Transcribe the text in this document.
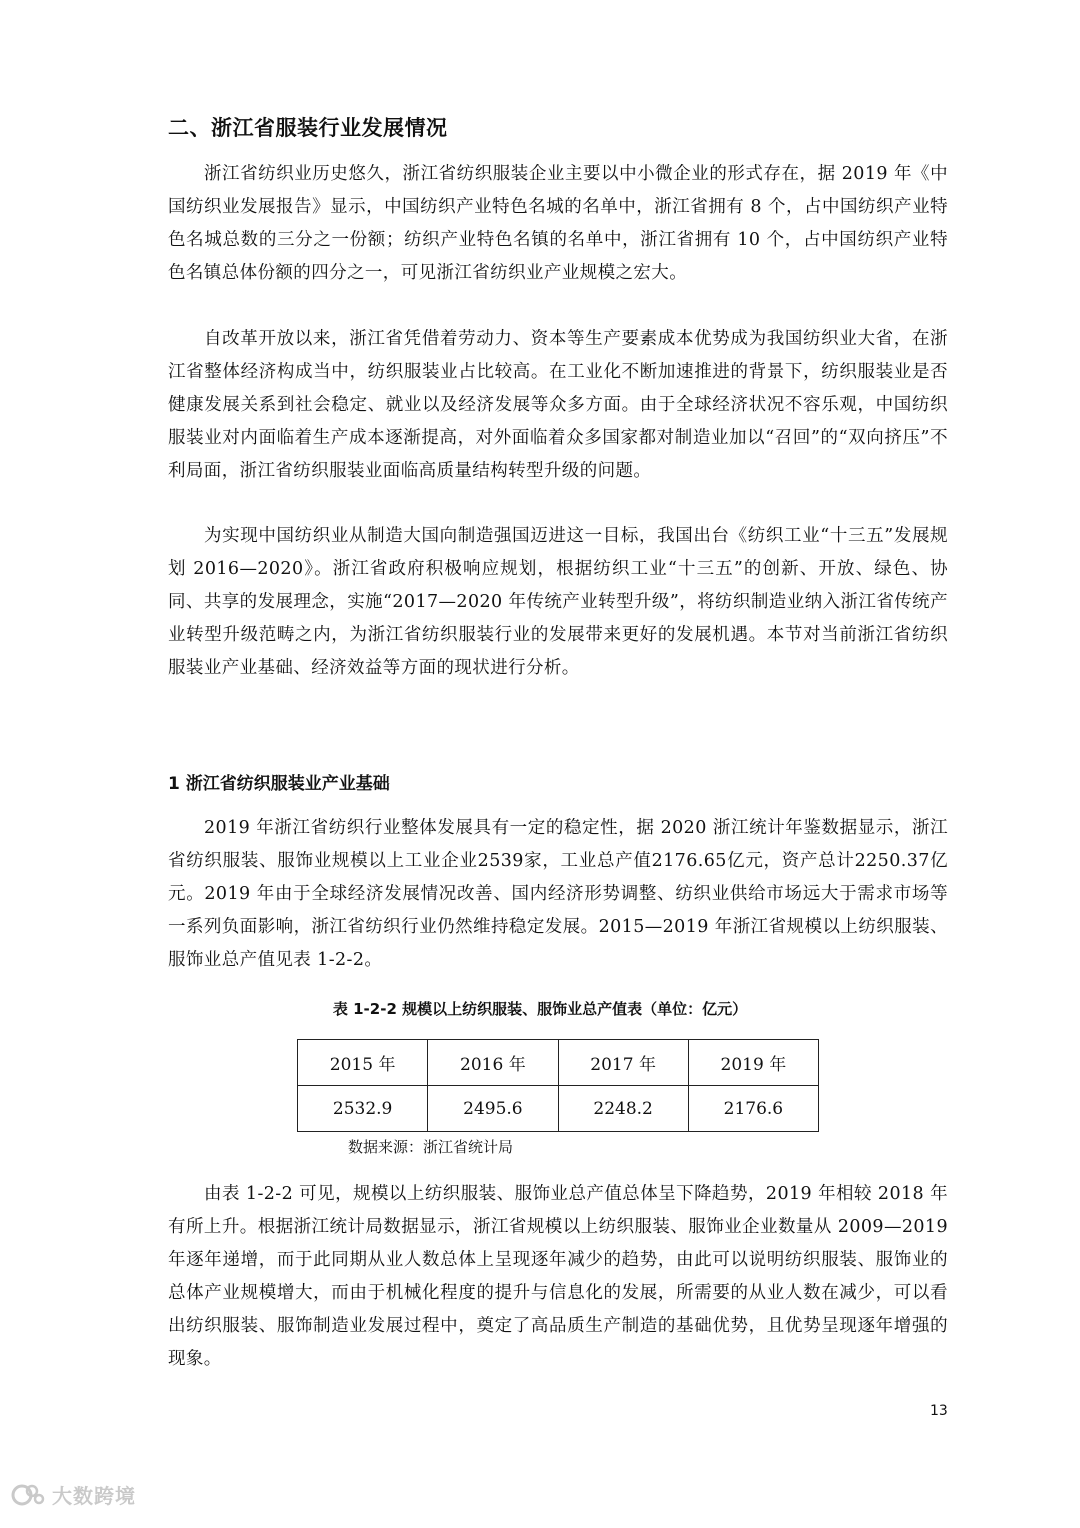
二、浙江省服装行业发展情况

浙江省纺织业历史悠久，浙江省纺织服装企业主要以中小微企业的形式存在，据 2019 年《中国纺织业发展报告》显示，中国纺织产业特色名城的名单中，浙江省拥有 8 个，占中国纺织产业特色名城总数的三分之一份额；纺织产业特色名镇的名单中，浙江省拥有 10 个，占中国纺织产业特色名镇总体份额的四分之一，可见浙江省纺织业产业规模之宏大。

自改革开放以来，浙江省凭借着劳动力、资本等生产要素成本优势成为我国纺织业大省，在浙江省整体经济构成当中，纺织服装业占比较高。在工业化不断加速推进的背景下，纺织服装业是否健康发展关系到社会稳定、就业以及经济发展等众多方面。由于全球经济状况不容乐观，中国纺织服装业对内面临着生产成本逐渐提高，对外面临着众多国家都对制造业加以“召回”的“双向挤压”不利局面，浙江省纺织服装业面临高质量结构转型升级的问题。

为实现中国纺织业从制造大国向制造强国迈进这一目标，我国出台《纺织工业“十三五”发展规划 2016—2020》。浙江省政府积极响应规划，根据纺织工业“十三五”的创新、开放、绿色、协同、共享的发展理念，实施“2017—2020 年传统产业转型升级”，将纺织制造业纳入浙江省传统产业转型升级范畴之内，为浙江省纺织服装行业的发展带来更好的发展机遇。本节对当前浙江省纺织服装业产业基础、经济效益等方面的现状进行分析。

1 浙江省纺织服装业产业基础

2019 年浙江省纺织行业整体发展具有一定的稳定性，据 2020 浙江统计年鉴数据显示，浙江省纺织服装、服饰业规模以上工业企业2539家，工业总产值2176.65亿元，资产总计2250.37亿元。2019 年由于全球经济发展情况改善、国内经济形势调整、纺织业供给市场远大于需求市场等一系列负面影响，浙江省纺织行业仍然维持稳定发展。2015—2019 年浙江省规模以上纺织服装、服饰业总产值见表 1-2-2。

表 1-2-2 规模以上纺织服装、服饰业总产值表（单位：亿元）

2015 年	2016 年	2017 年	2019 年
2532.9	2495.6	2248.2	2176.6

数据来源：浙江省统计局

由表 1-2-2 可见，规模以上纺织服装、服饰业总产值总体呈下降趋势，2019 年相较 2018 年有所上升。根据浙江统计局数据显示，浙江省规模以上纺织服装、服饰业企业数量从 2009—2019 年逐年递增，而于此同期从业人数总体上呈现逐年减少的趋势，由此可以说明纺织服装、服饰业的总体产业规模增大，而由于机械化程度的提升与信息化的发展，所需要的从业人数在减少，可以看出纺织服装、服饰制造业发展过程中，奠定了高品质生产制造的基础优势，且优势呈现逐年增强的现象。

13
大数跨境
